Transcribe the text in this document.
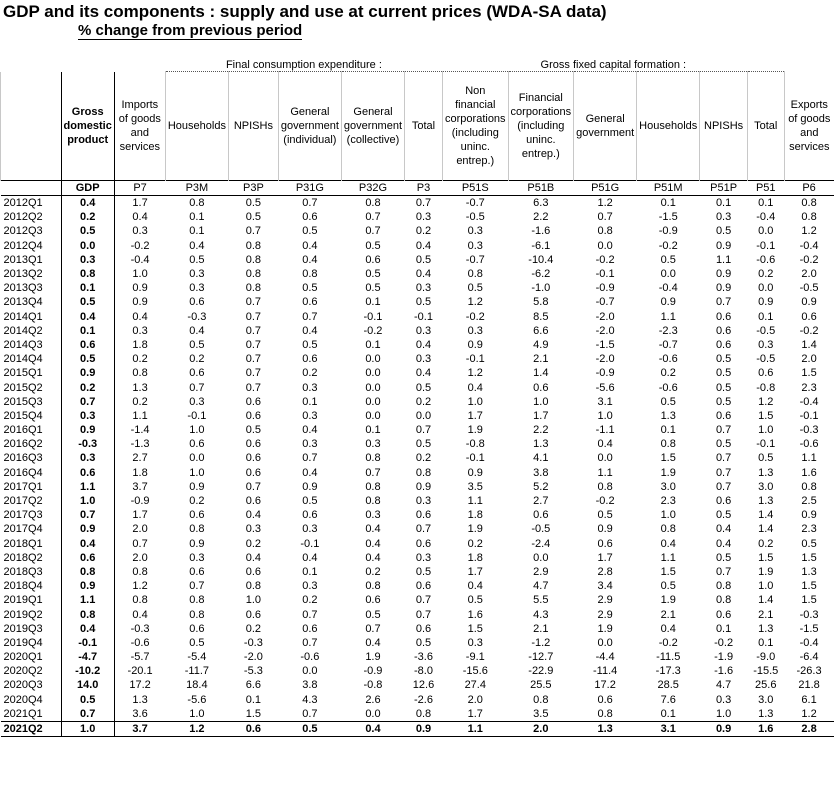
GDP and its components : supply and use at current prices (WDA-SA data)
% change from previous period
			Final consumption expenditure :					Gross fixed capital formation :						
	Gross domestic product	Imports of goods and services	Households	NPISHs	General government (individual)	General government (collective)	Total	Non financial corporations (including uninc. entrep.)	Financial corporations (including uninc. entrep.)	General government	Households	NPISHs	Total	Exports of goods and services
	GDP	P7	P3M	P3P	P31G	P32G	P3	P51S	P51B	P51G	P51M	P51P	P51	P6
2012Q1	0.4	1.7	0.8	0.5	0.7	0.8	0.7	-0.7	6.3	1.2	0.1	0.1	0.1	0.8
2012Q2	0.2	0.4	0.1	0.5	0.6	0.7	0.3	-0.5	2.2	0.7	-1.5	0.3	-0.4	0.8
2012Q3	0.5	0.3	0.1	0.7	0.5	0.7	0.2	0.3	-1.6	0.8	-0.9	0.5	0.0	1.2
2012Q4	0.0	-0.2	0.4	0.8	0.4	0.5	0.4	0.3	-6.1	0.0	-0.2	0.9	-0.1	-0.4
2013Q1	0.3	-0.4	0.5	0.8	0.4	0.6	0.5	-0.7	-10.4	-0.2	0.5	1.1	-0.6	-0.2
2013Q2	0.8	1.0	0.3	0.8	0.8	0.5	0.4	0.8	-6.2	-0.1	0.0	0.9	0.2	2.0
2013Q3	0.1	0.9	0.3	0.8	0.5	0.5	0.3	0.5	-1.0	-0.9	-0.4	0.9	0.0	-0.5
2013Q4	0.5	0.9	0.6	0.7	0.6	0.1	0.5	1.2	5.8	-0.7	0.9	0.7	0.9	0.9
2014Q1	0.4	0.4	-0.3	0.7	0.7	-0.1	-0.1	-0.2	8.5	-2.0	1.1	0.6	0.1	0.6
2014Q2	0.1	0.3	0.4	0.7	0.4	-0.2	0.3	0.3	6.6	-2.0	-2.3	0.6	-0.5	-0.2
2014Q3	0.6	1.8	0.5	0.7	0.5	0.1	0.4	0.9	4.9	-1.5	-0.7	0.6	0.3	1.4
2014Q4	0.5	0.2	0.2	0.7	0.6	0.0	0.3	-0.1	2.1	-2.0	-0.6	0.5	-0.5	2.0
2015Q1	0.9	0.8	0.6	0.7	0.2	0.0	0.4	1.2	1.4	-0.9	0.2	0.5	0.6	1.5
2015Q2	0.2	1.3	0.7	0.7	0.3	0.0	0.5	0.4	0.6	-5.6	-0.6	0.5	-0.8	2.3
2015Q3	0.7	0.2	0.3	0.6	0.1	0.0	0.2	1.0	1.0	3.1	0.5	0.5	1.2	-0.4
2015Q4	0.3	1.1	-0.1	0.6	0.3	0.0	0.0	1.7	1.7	1.0	1.3	0.6	1.5	-0.1
2016Q1	0.9	-1.4	1.0	0.5	0.4	0.1	0.7	1.9	2.2	-1.1	0.1	0.7	1.0	-0.3
2016Q2	-0.3	-1.3	0.6	0.6	0.3	0.3	0.5	-0.8	1.3	0.4	0.8	0.5	-0.1	-0.6
2016Q3	0.3	2.7	0.0	0.6	0.7	0.8	0.2	-0.1	4.1	0.0	1.5	0.7	0.5	1.1
2016Q4	0.6	1.8	1.0	0.6	0.4	0.7	0.8	0.9	3.8	1.1	1.9	0.7	1.3	1.6
2017Q1	1.1	3.7	0.9	0.7	0.9	0.8	0.9	3.5	5.2	0.8	3.0	0.7	3.0	0.8
2017Q2	1.0	-0.9	0.2	0.6	0.5	0.8	0.3	1.1	2.7	-0.2	2.3	0.6	1.3	2.5
2017Q3	0.7	1.7	0.6	0.4	0.6	0.3	0.6	1.8	0.6	0.5	1.0	0.5	1.4	0.9
2017Q4	0.9	2.0	0.8	0.3	0.3	0.4	0.7	1.9	-0.5	0.9	0.8	0.4	1.4	2.3
2018Q1	0.4	0.7	0.9	0.2	-0.1	0.4	0.6	0.2	-2.4	0.6	0.4	0.4	0.2	0.5
2018Q2	0.6	2.0	0.3	0.4	0.4	0.4	0.3	1.8	0.0	1.7	1.1	0.5	1.5	1.5
2018Q3	0.8	0.8	0.6	0.6	0.1	0.2	0.5	1.7	2.9	2.8	1.5	0.7	1.9	1.3
2018Q4	0.9	1.2	0.7	0.8	0.3	0.8	0.6	0.4	4.7	3.4	0.5	0.8	1.0	1.5
2019Q1	1.1	0.8	0.8	1.0	0.2	0.6	0.7	0.5	5.5	2.9	1.9	0.8	1.4	1.5
2019Q2	0.8	0.4	0.8	0.6	0.7	0.5	0.7	1.6	4.3	2.9	2.1	0.6	2.1	-0.3
2019Q3	0.4	-0.3	0.6	0.2	0.6	0.7	0.6	1.5	2.1	1.9	0.4	0.1	1.3	-1.5
2019Q4	-0.1	-0.6	0.5	-0.3	0.7	0.4	0.5	0.3	-1.2	0.0	-0.2	-0.2	0.1	-0.4
2020Q1	-4.7	-5.7	-5.4	-2.0	-0.6	1.9	-3.6	-9.1	-12.7	-4.4	-11.5	-1.9	-9.0	-6.4
2020Q2	-10.2	-20.1	-11.7	-5.3	0.0	-0.9	-8.0	-15.6	-22.9	-11.4	-17.3	-1.6	-15.5	-26.3
2020Q3	14.0	17.2	18.4	6.6	3.8	-0.8	12.6	27.4	25.5	17.2	28.5	4.7	25.6	21.8
2020Q4	0.5	1.3	-5.6	0.1	4.3	2.6	-2.6	2.0	0.8	0.6	7.6	0.3	3.0	6.1
2021Q1	0.7	3.6	1.0	1.5	0.7	0.0	0.8	1.7	3.5	0.8	0.1	1.0	1.3	1.2
2021Q2	1.0	3.7	1.2	0.6	0.5	0.4	0.9	1.1	2.0	1.3	3.1	0.9	1.6	2.8
